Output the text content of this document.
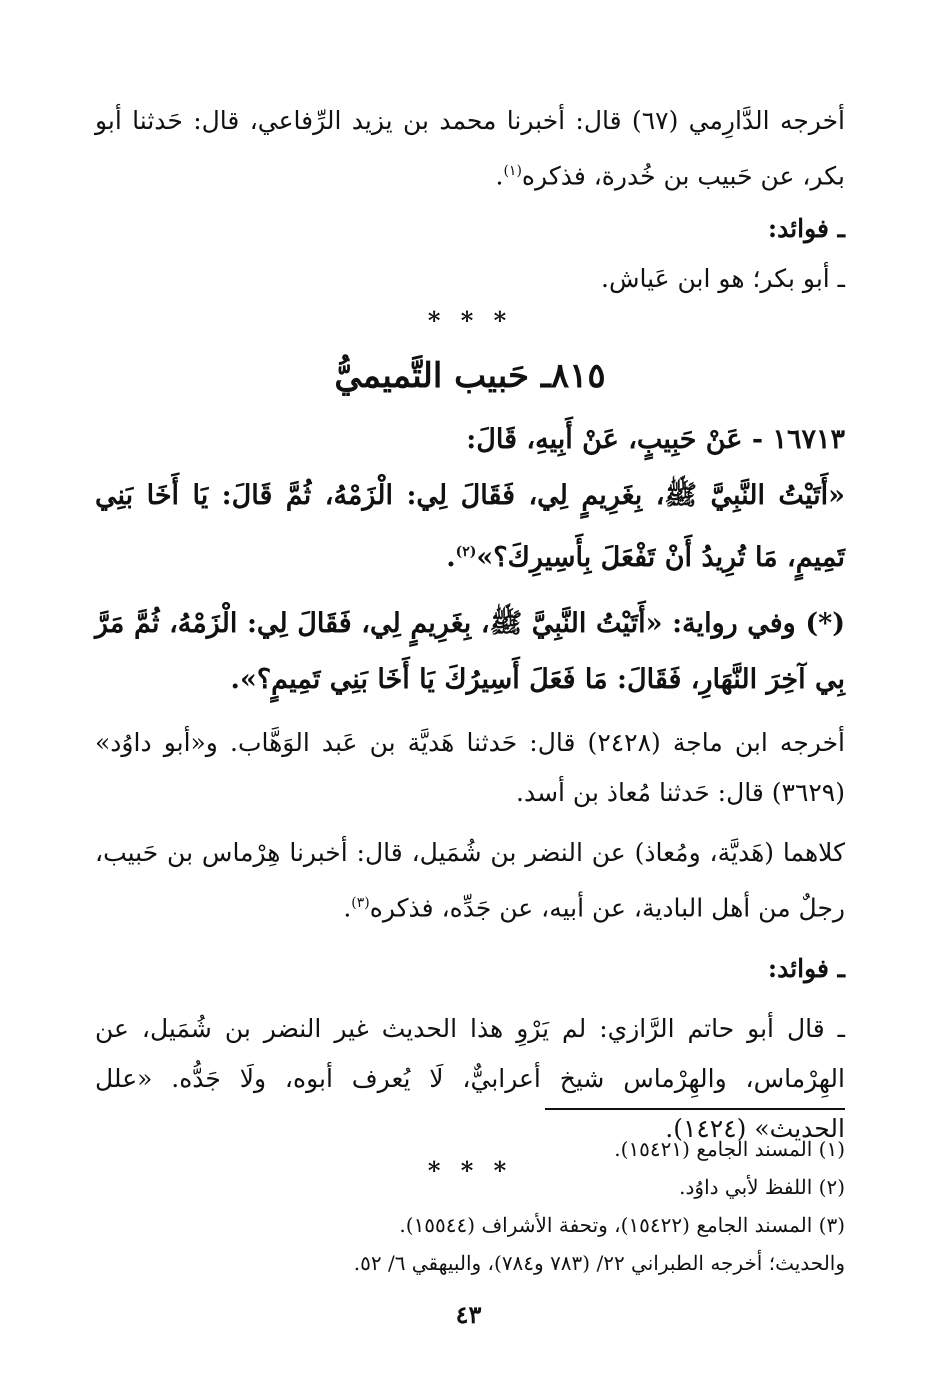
أخرجه الدَّارِمي (٦٧) قال: أخبرنا محمد بن يزيد الرِّفاعي، قال: حَدثنا أبو بكر، عن حَبيب بن خُدرة، فذكره$^{(١)}$.

ـ فوائد:

ـ أبو بكر؛ هو ابن عَياش.

* * *
٨١٥ـ حَبيب التَّميميُّ

١٦٧١٣ - عَنْ حَبِيبٍ، عَنْ أَبِيهِ، قَالَ:

«أَتَيْتُ النَّبِيَّ ﷺ، بِغَرِيمٍ لِي، فَقَالَ لِي: الْزَمْهُ، ثُمَّ قَالَ: يَا أَخَا بَنِي تَمِيمٍ، مَا تُرِيدُ أَنْ تَفْعَلَ بِأَسِيرِكَ؟»$^{(٢)}$.

(*) وفي رواية: «أَتَيْتُ النَّبِيَّ ﷺ، بِغَرِيمٍ لِي، فَقَالَ لِي: الْزَمْهُ، ثُمَّ مَرَّ بِي آخِرَ النَّهَارِ، فَقَالَ: مَا فَعَلَ أَسِيرُكَ يَا أَخَا بَنِي تَمِيمٍ؟».

أخرجه ابن ماجة (٢٤٢٨) قال: حَدثنا هَديَّة بن عَبد الوَهَّاب. و«أبو داوُد» (٣٦٢٩) قال: حَدثنا مُعاذ بن أسد.

كلاهما (هَديَّة، ومُعاذ) عن النضر بن شُمَيل، قال: أخبرنا هِرْماس بن حَبيب، رجلٌ من أهل البادية، عن أبيه، عن جَدِّه، فذكره$^{(٣)}$.

ـ فوائد:

ـ قال أبو حاتم الرَّازي: لم يَرْوِ هذا الحديث غير النضر بن شُمَيل، عن الهِرْماس، والهِرْماس شيخ أعرابيٌّ، لَا يُعرف أبوه، ولَا جَدُّه. «علل الحديث» (١٤٢٤).

* * *

(١) المسند الجامع (١٥٤٢١).

(٢) اللفظ لأبي داوُد.

(٣) المسند الجامع (١٥٤٢٢)، وتحفة الأشراف (١٥٥٤٤).

والحديث؛ أخرجه الطبراني ٢٢/ (٧٨٣ و٧٨٤)، والبيهقي ٦/ ٥٢.

٤٣
